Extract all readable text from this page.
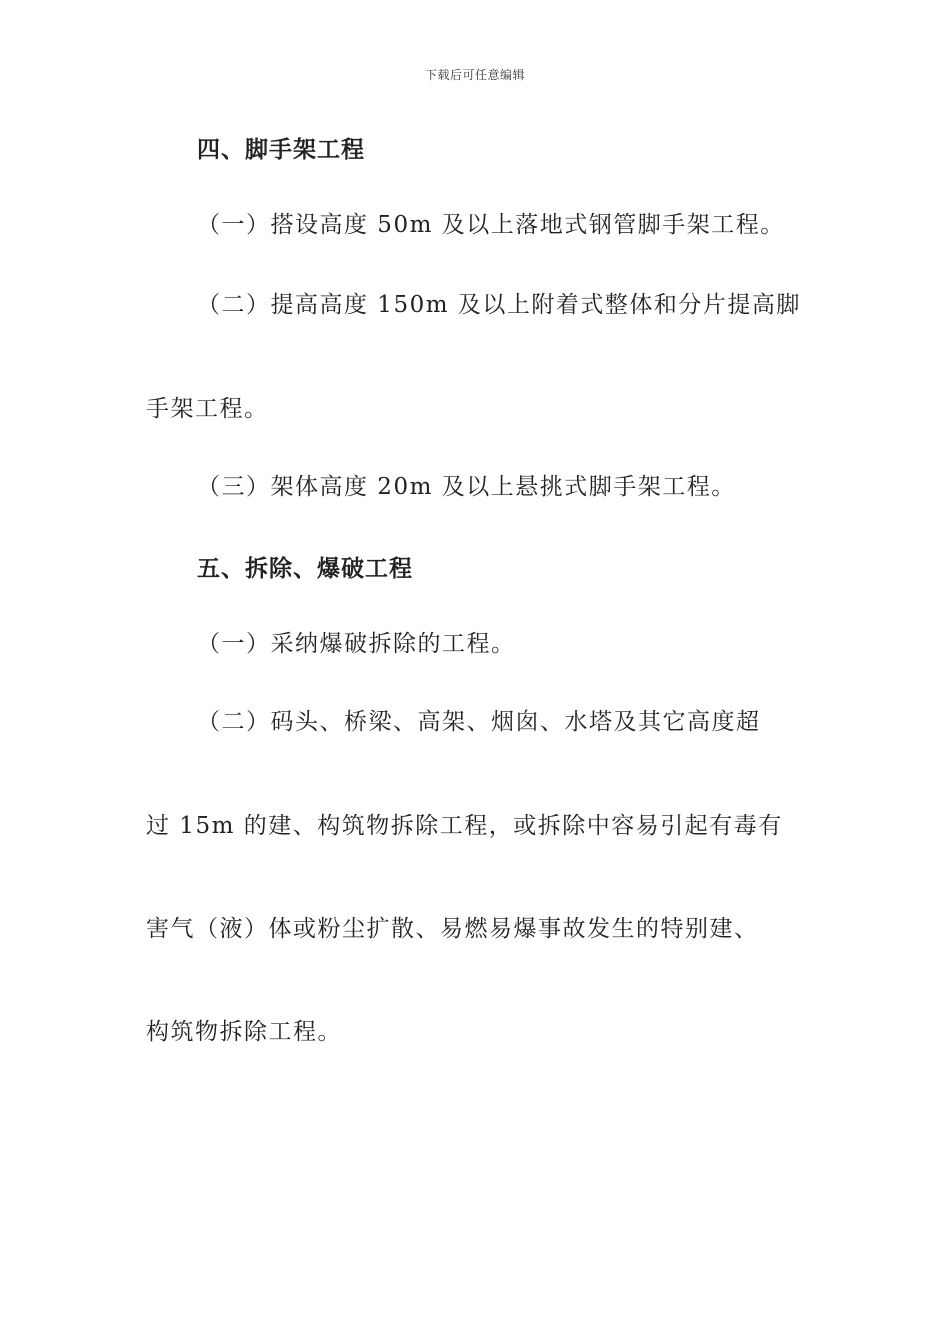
下载后可任意编辑
四、脚手架工程
（一）搭设高度 50m 及以上落地式钢管脚手架工程。
（二）提高高度 150m 及以上附着式整体和分片提高脚
手架工程。
（三）架体高度 20m 及以上悬挑式脚手架工程。
五、拆除、爆破工程
（一）采纳爆破拆除的工程。
（二）码头、桥梁、高架、烟囱、水塔及其它高度超
过 15m 的建、构筑物拆除工程，或拆除中容易引起有毒有
害气（液）体或粉尘扩散、易燃易爆事故发生的特别建、
构筑物拆除工程。
